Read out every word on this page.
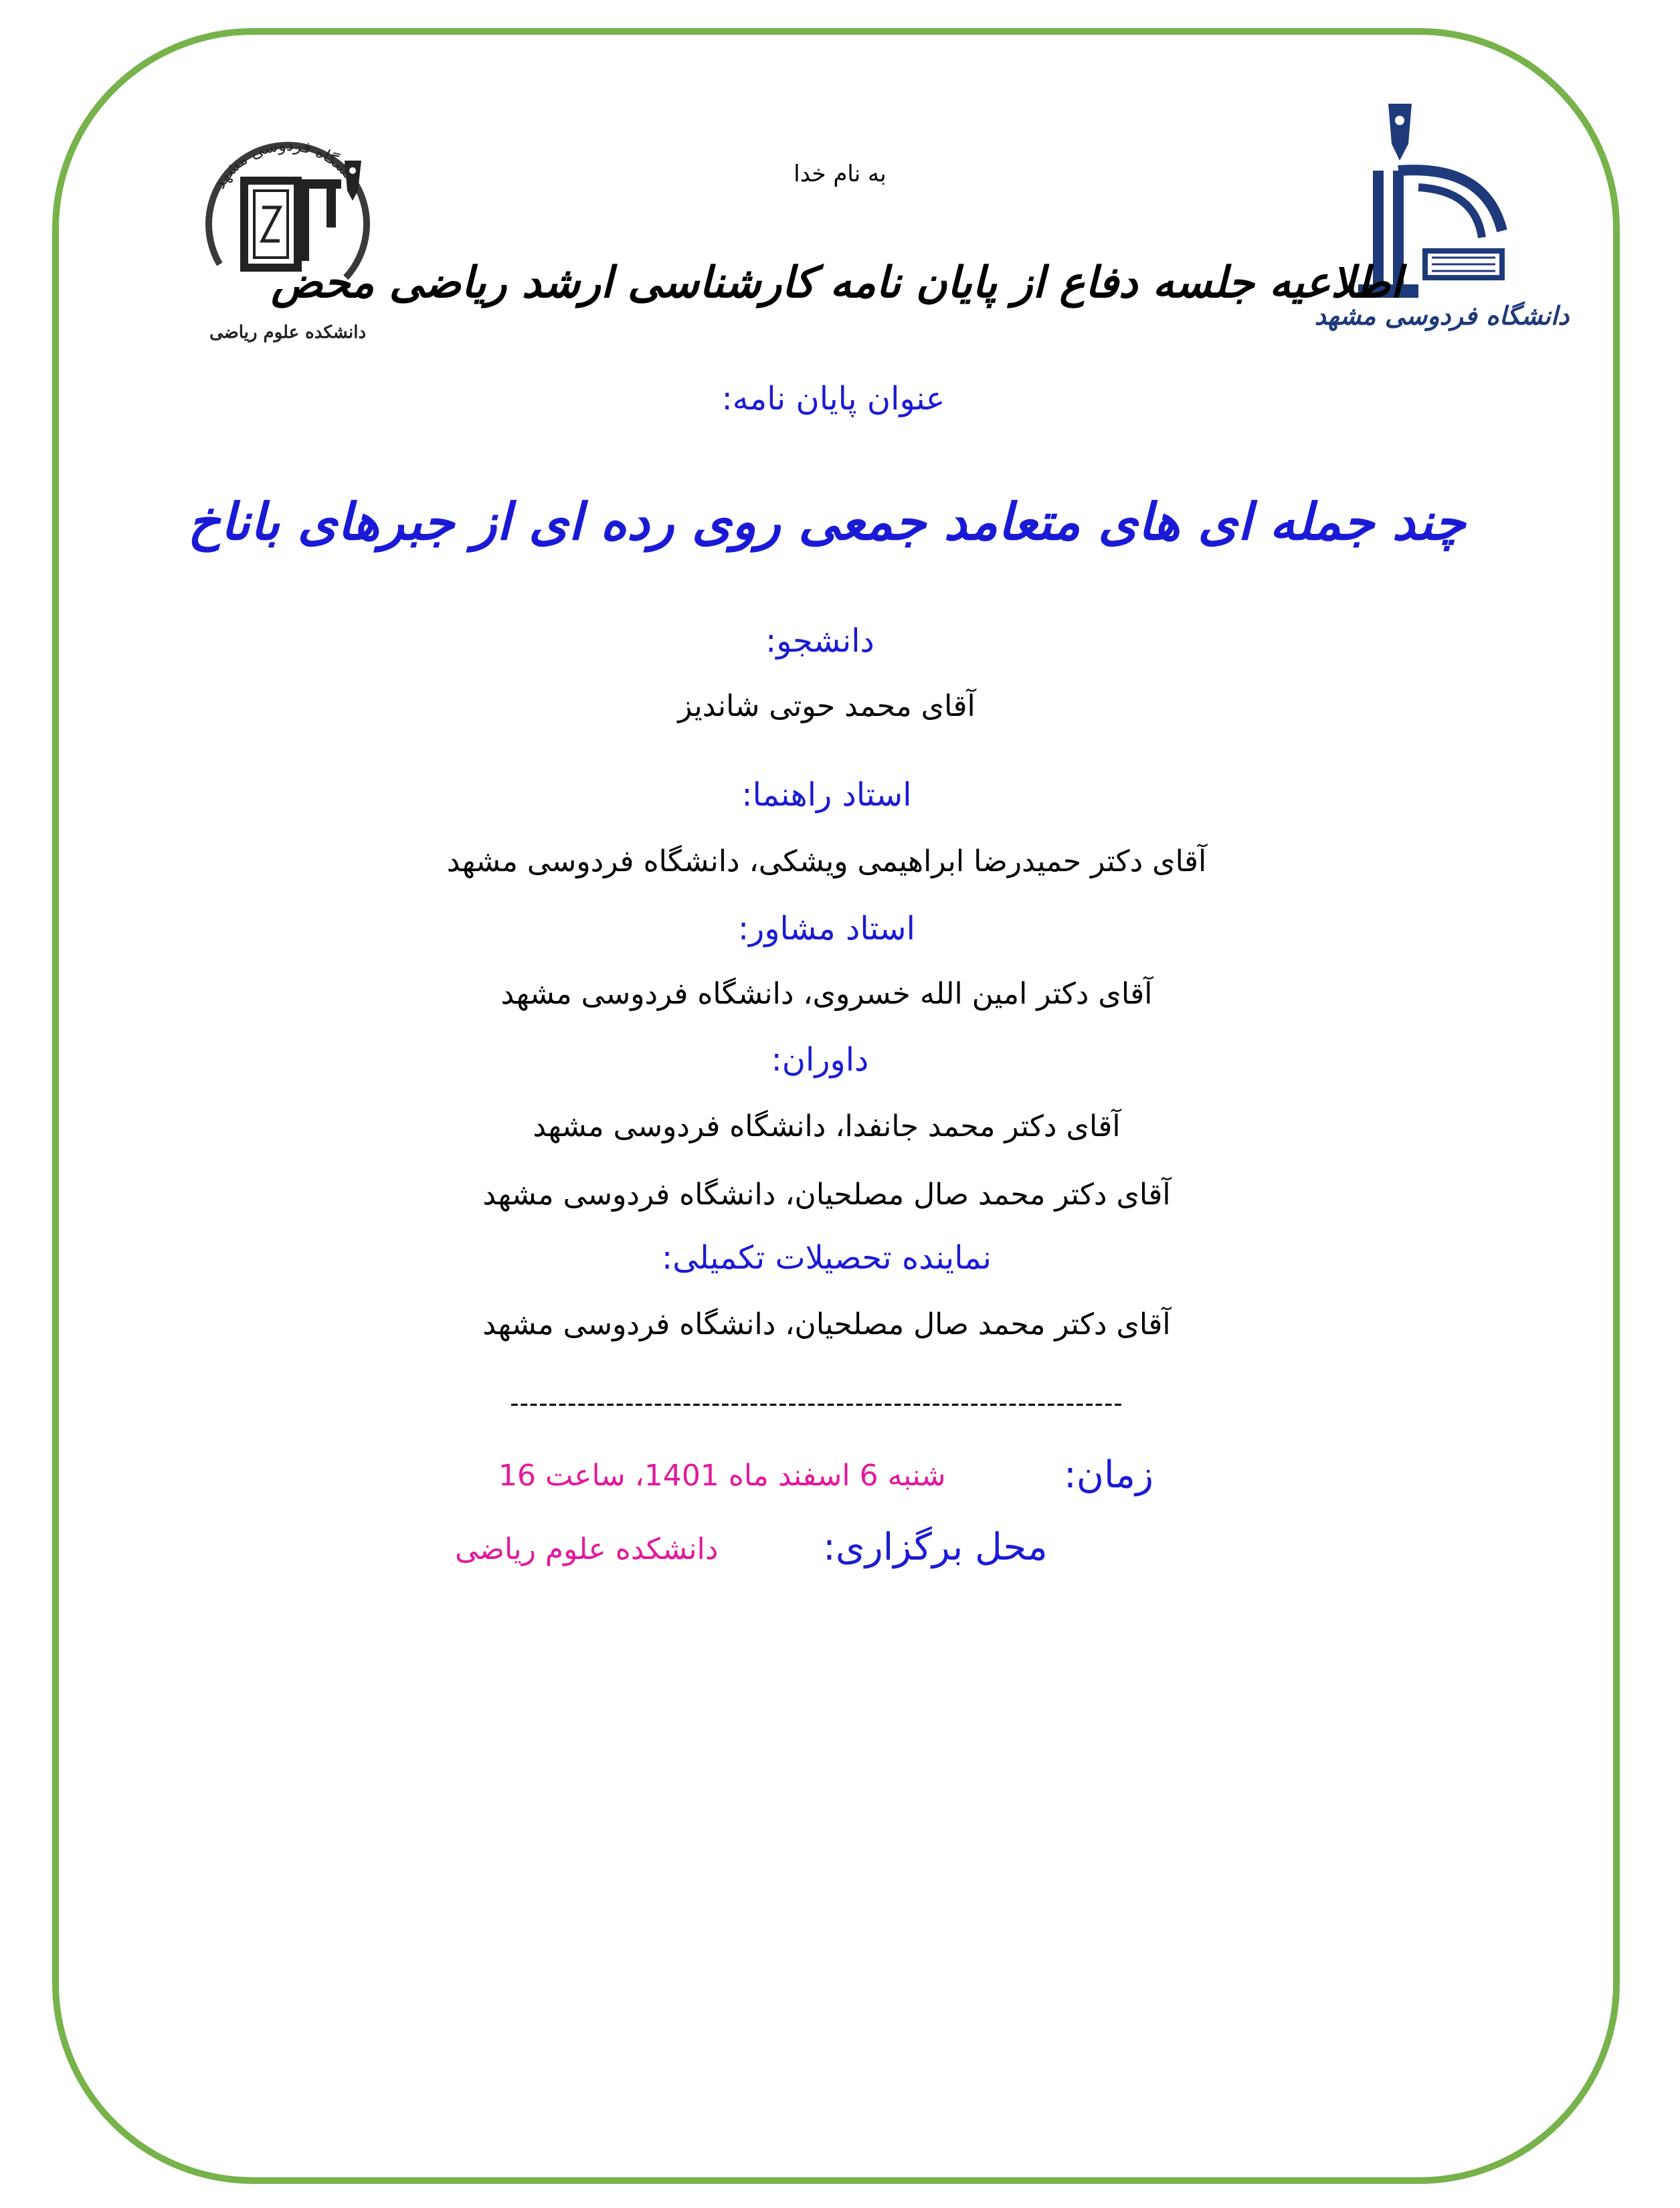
دانشگاه فردوسی مشهد
دانشکده علوم ریاضی
دانشگاه فردوسی مشهد
به نام خدا
اطلاعیه جلسه دفاع از پایان نامه کارشناسی ارشد ریاضی محض
عنوان پایان نامه:
چند جمله ای های متعامد جمعی روی رده ای از جبرهای باناخ
دانشجو:
آقای محمد حوتی شاندیز
استاد راهنما:
آقای دکتر حمیدرضا ابراهیمی ویشکی، دانشگاه فردوسی مشهد
استاد مشاور:
آقای دکتر امین الله خسروی، دانشگاه فردوسی مشهد
داوران:
آقای دکتر محمد جانفدا، دانشگاه فردوسی مشهد
آقای دکتر محمد صال مصلحیان، دانشگاه فردوسی مشهد
نماینده تحصیلات تکمیلی:
آقای دکتر محمد صال مصلحیان، دانشگاه فردوسی مشهد
----------------------------------------------------------------
زمان:
شنبه 6 اسفند ماه 1401، ساعت 16
محل برگزاری:
دانشکده علوم ریاضی
